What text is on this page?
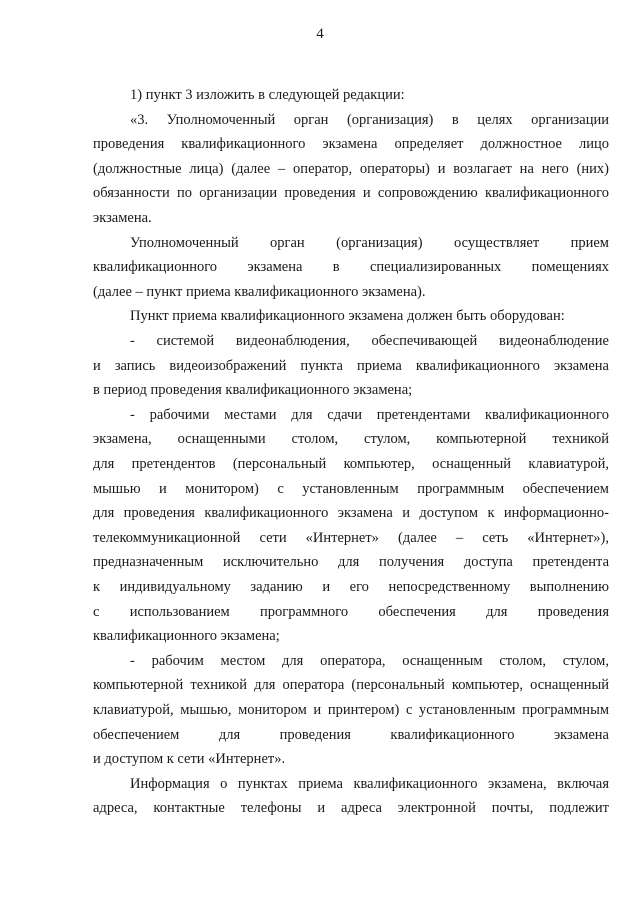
4
1) пункт 3 изложить в следующей редакции:
«3. Уполномоченный орган (организация) в целях организации
проведения квалификационного экзамена определяет должностное лицо
(должностные лица) (далее – оператор, операторы) и возлагает на него (них)
обязанности по организации проведения и сопровождению квалификационного
экзамена.
Уполномоченный орган (организация) осуществляет прием
квалификационного экзамена в специализированных помещениях
(далее – пункт приема квалификационного экзамена).
Пункт приема квалификационного экзамена должен быть оборудован:
- системой видеонаблюдения, обеспечивающей видеонаблюдение
и запись видеоизображений пункта приема квалификационного экзамена
в период проведения квалификационного экзамена;
- рабочими местами для сдачи претендентами квалификационного
экзамена, оснащенными столом, стулом, компьютерной техникой
для претендентов (персональный компьютер, оснащенный клавиатурой,
мышью и монитором) с установленным программным обеспечением
для проведения квалификационного экзамена и доступом к информационно-
телекоммуникационной сети «Интернет» (далее – сеть «Интернет»),
предназначенным исключительно для получения доступа претендента
к индивидуальному заданию и его непосредственному выполнению
с использованием программного обеспечения для проведения
квалификационного экзамена;
- рабочим местом для оператора, оснащенным столом, стулом,
компьютерной техникой для оператора (персональный компьютер, оснащенный
клавиатурой, мышью, монитором и принтером) с установленным программным
обеспечением для проведения квалификационного экзамена
и доступом к сети «Интернет».
Информация о пунктах приема квалификационного экзамена, включая
адреса, контактные телефоны и адреса электронной почты, подлежит
